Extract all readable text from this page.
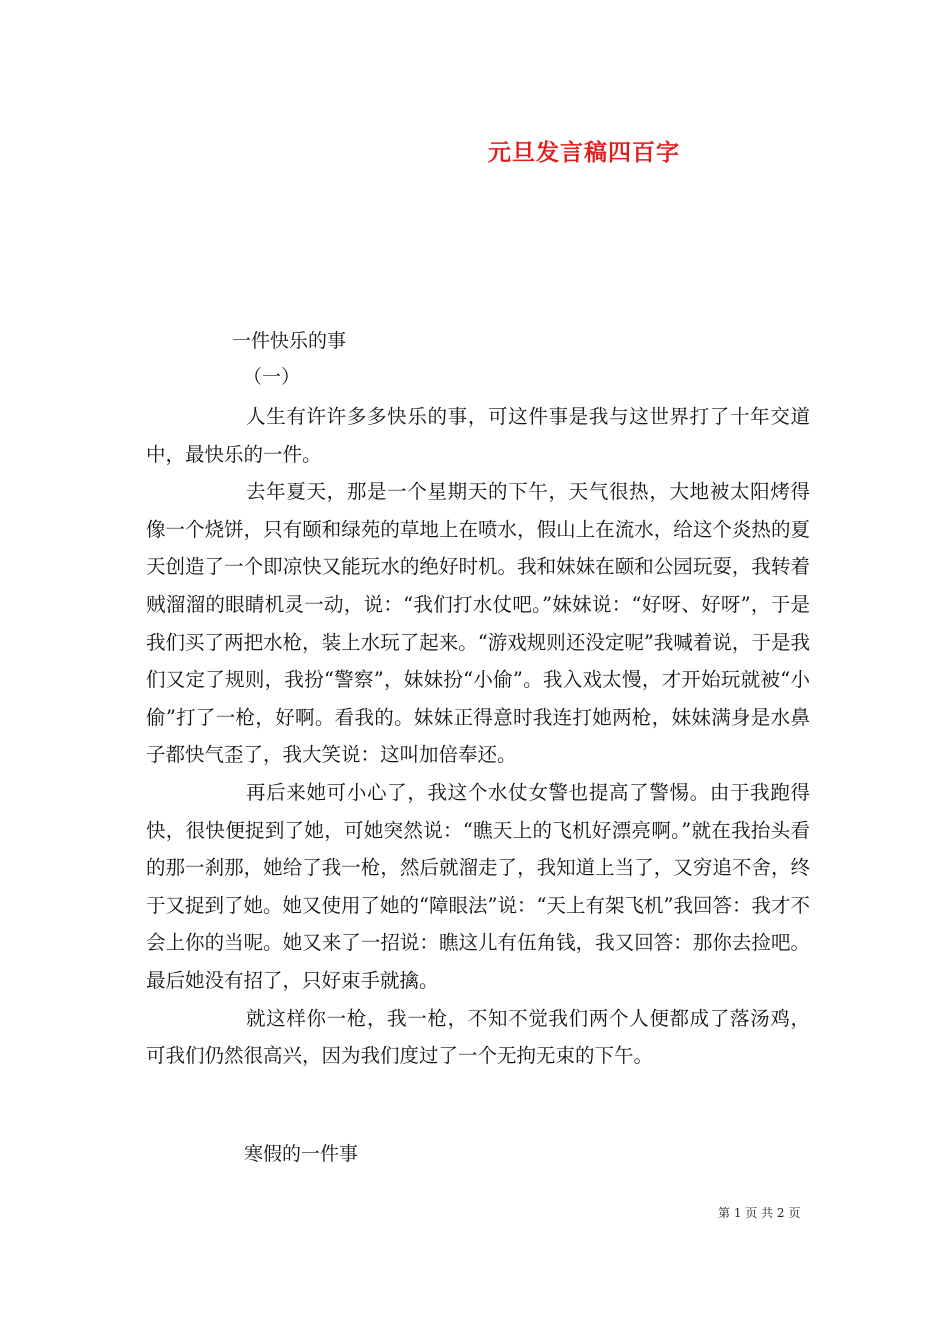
元旦发言稿四百字
一件快乐的事
（一）

人生有许许多多快乐的事，可这件事是我与这世界打了十年交道中，最快乐的一件。

去年夏天，那是一个星期天的下午，天气很热，大地被太阳烤得像一个烧饼，只有颐和绿苑的草地上在喷水，假山上在流水，给这个炎热的夏天创造了一个即凉快又能玩水的绝好时机。我和妹妹在颐和公园玩耍，我转着贼溜溜的眼睛机灵一动，说：“我们打水仗吧。”妹妹说：“好呀、好呀”，于是我们买了两把水枪，装上水玩了起来。“游戏规则还没定呢”我喊着说，于是我们又定了规则，我扮“警察”，妹妹扮“小偷”。我入戏太慢，才开始玩就被“小偷”打了一枪，好啊。看我的。妹妹正得意时我连打她两枪，妹妹满身是水鼻子都快气歪了，我大笑说：这叫加倍奉还。

再后来她可小心了，我这个水仗女警也提高了警惕。由于我跑得快，很快便捉到了她，可她突然说：“瞧天上的飞机好漂亮啊。”就在我抬头看的那一刹那，她给了我一枪，然后就溜走了，我知道上当了，又穷追不舍，终于又捉到了她。她又使用了她的“障眼法”说：“天上有架飞机”我回答：我才不会上你的当呢。她又来了一招说：瞧这儿有伍角钱，我又回答：那你去捡吧。最后她没有招了，只好束手就擒。

就这样你一枪，我一枪，不知不觉我们两个人便都成了落汤鸡，可我们仍然很高兴，因为我们度过了一个无拘无束的下午。

寒假的一件事
第 1 页 共 2 页
